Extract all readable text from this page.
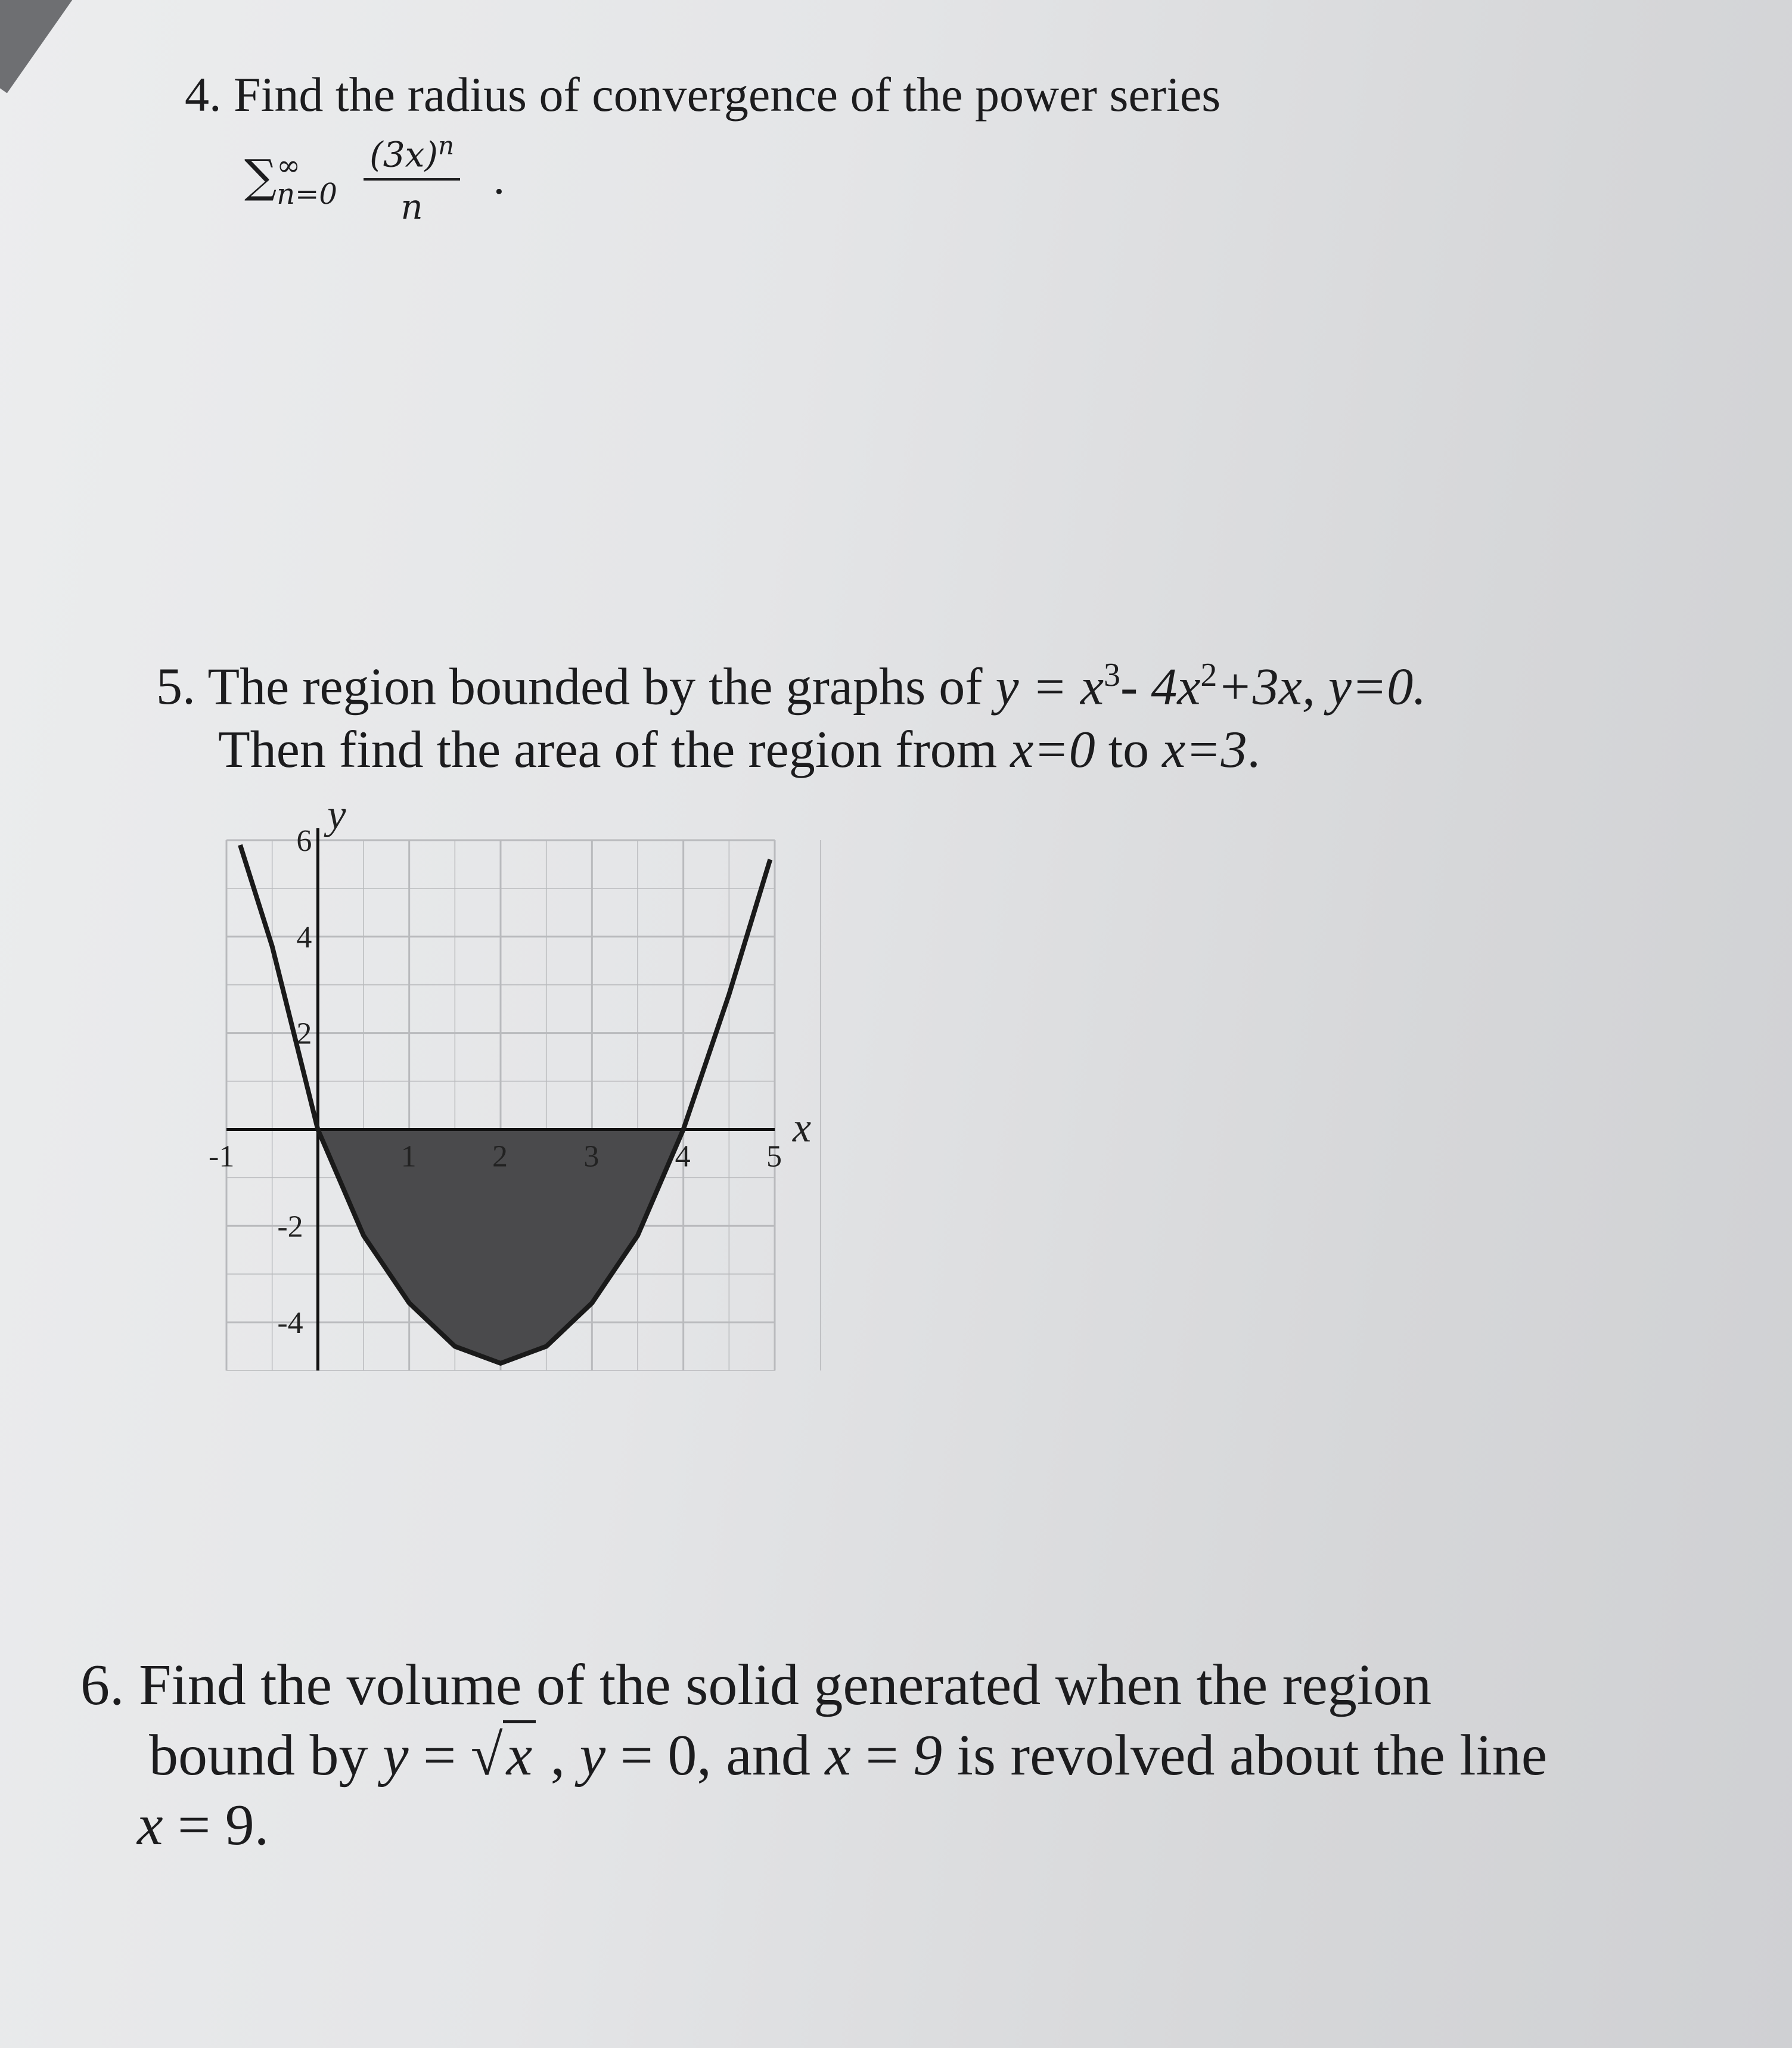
4. Find the radius of convergence of the power series
∑ ∞
n=0
$\frac{(3x)^n}{n}$ .
5. The region bounded by the graphs of $y = x^3-$ $4x^2+3x$, y=0.
Then find the area of the region from x=0 to x=3.
-1	1 2 3 4 5
6
4
2
-2
-4
x
y
6. Find the volume of the solid generated when the region
bound by y = √x , y = 0, and x = 9 is revolved about the line
x = 9.
